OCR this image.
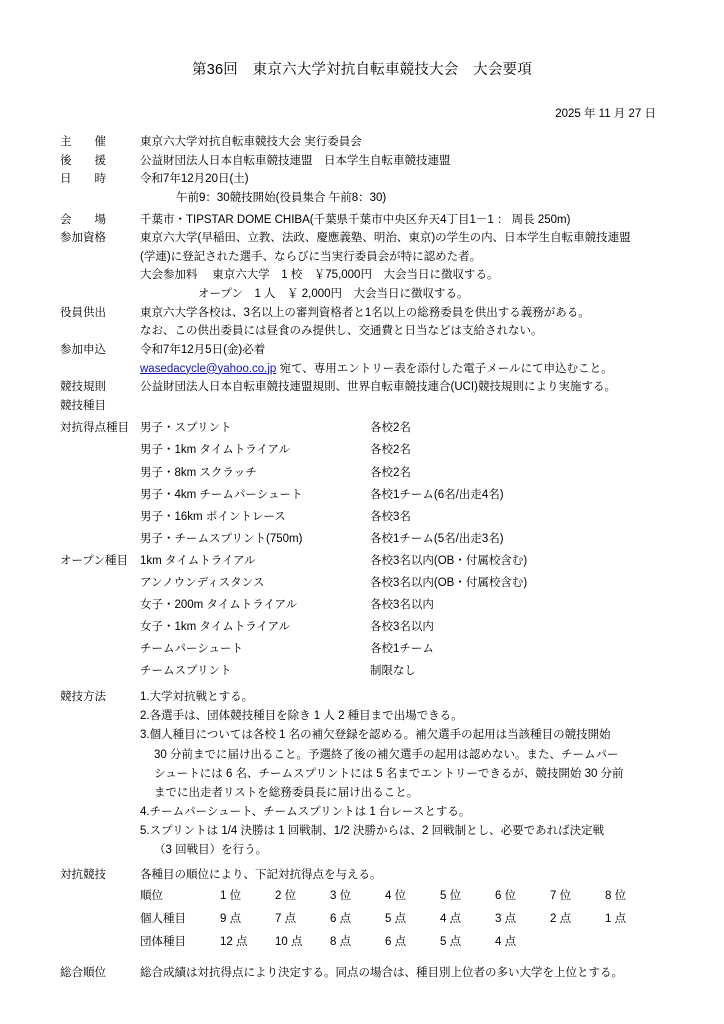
第36回　東京六大学対抗自転車競技大会　大会要項
2025 年 11 月 27 日
主　　催	東京六大学対抗自転車競技大会 実行委員会
後　　援	公益財団法人日本自転車競技連盟　日本学生自転車競技連盟
日　　時	令和7年12月20日(土)
午前9：30競技開始(役員集合 午前8：30)
会　　場	千葉市・TIPSTAR DOME CHIBA(千葉県千葉市中央区弁天4丁目1－1 ： 周長 250m)
参加資格	東京六大学(早稲田、立教、法政、慶應義塾、明治、東京)の学生の内、日本学生自転車競技連盟
(学連)に登記された選手、ならびに当実行委員会が特に認めた者。
大会参加料　 東京六大学　1 校　￥75,000円　大会当日に徴収する。
オープン　1 人　￥ 2,000円　大会当日に徴収する。
役員供出	東京六大学各校は、3名以上の審判資格者と1名以上の総務委員を供出する義務がある。
なお、この供出委員には昼食のみ提供し、交通費と日当などは支給されない。
参加申込	令和7年12月5日(金)必着
wasedacycle@yahoo.co.jp 宛て、専用エントリー表を添付した電子メールにて申込むこと。
競技規則	公益財団法人日本自転車競技連盟規則、世界自転車競技連合(UCI)競技規則により実施する。
競技種目
対抗得点種目 男子・スプリント	各校2名
男子・1km タイムトライアル	各校2名
男子・8km スクラッチ	各校2名
男子・4km チームパーシュート	各校1チーム(6名/出走4名)
男子・16km ポイントレース	各校3名
男子・チームスプリント(750m)	各校1チーム(5名/出走3名)
オープン種目	1km タイムトライアル	各校3名以内(OB・付属校含む)
アンノウンディスタンス	各校3名以内(OB・付属校含む)
女子・200m タイムトライアル	各校3名以内
女子・1km タイムトライアル	各校3名以内
チームパーシュート	各校1チーム
チームスプリント	制限なし
競技方法	1.大学対抗戦とする。
2.各選手は、団体競技種目を除き 1 人 2 種目まで出場できる。
3.個人種目については各校 1 名の補欠登録を認める。補欠選手の起用は当該種目の競技開始
30 分前までに届け出ること。予選終了後の補欠選手の起用は認めない。また、チームパー
シュートには 6 名、チームスプリントには 5 名までエントリーできるが、競技開始 30 分前
までに出走者リストを総務委員長に届け出ること。
4.チームパーシュート、チームスプリントは 1 台レースとする。
5.スプリントは 1/4 決勝は 1 回戦制、1/2 決勝からは、2 回戦制とし、必要であれば決定戦
（3 回戦目）を行う。
対抗競技	各種目の順位により、下記対抗得点を与える。
順位	1 位	2 位	3 位	4 位	5 位	6 位	7 位	8 位
個人種目	9 点	7 点	6 点	5 点	4 点	3 点	2 点	1 点
団体種目	12 点	10 点	8 点	6 点	5 点	4 点
総合順位	総合成績は対抗得点により決定する。同点の場合は、種目別上位者の多い大学を上位とする。
